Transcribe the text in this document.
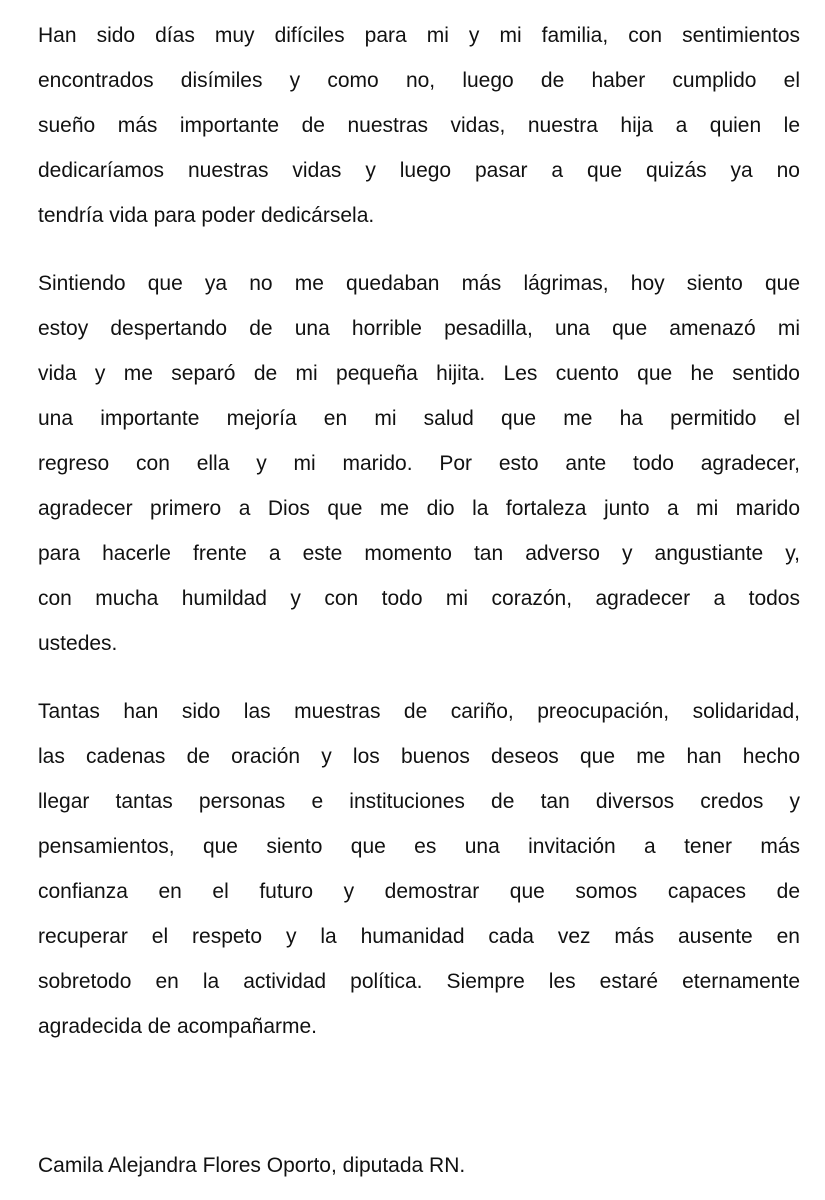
Han sido días muy difíciles para mi y mi familia, con sentimientos
encontrados disímiles y como no, luego de haber cumplido el
sueño más importante de nuestras vidas, nuestra hija a quien le
dedicaríamos nuestras vidas y luego pasar a que quizás ya no
tendría vida para poder dedicársela.
Sintiendo que ya no me quedaban más lágrimas, hoy siento que
estoy despertando de una horrible pesadilla, una que amenazó mi
vida y me separó de mi pequeña hijita. Les cuento que he sentido
una importante mejoría en mi salud que me ha permitido el
regreso con ella y mi marido. Por esto ante todo agradecer,
agradecer primero a Dios que me dio la fortaleza junto a mi marido
para hacerle frente a este momento tan adverso y angustiante y,
con mucha humildad y con todo mi corazón, agradecer a todos
ustedes.
Tantas han sido las muestras de cariño, preocupación, solidaridad,
las cadenas de oración y los buenos deseos que me han hecho
llegar tantas personas e instituciones de tan diversos credos y
pensamientos, que siento que es una invitación a tener más
confianza en el futuro y demostrar que somos capaces de
recuperar el respeto y la humanidad cada vez más ausente en
sobretodo en la actividad política. Siempre les estaré eternamente
agradecida de acompañarme.
Camila Alejandra Flores Oporto, diputada RN.
